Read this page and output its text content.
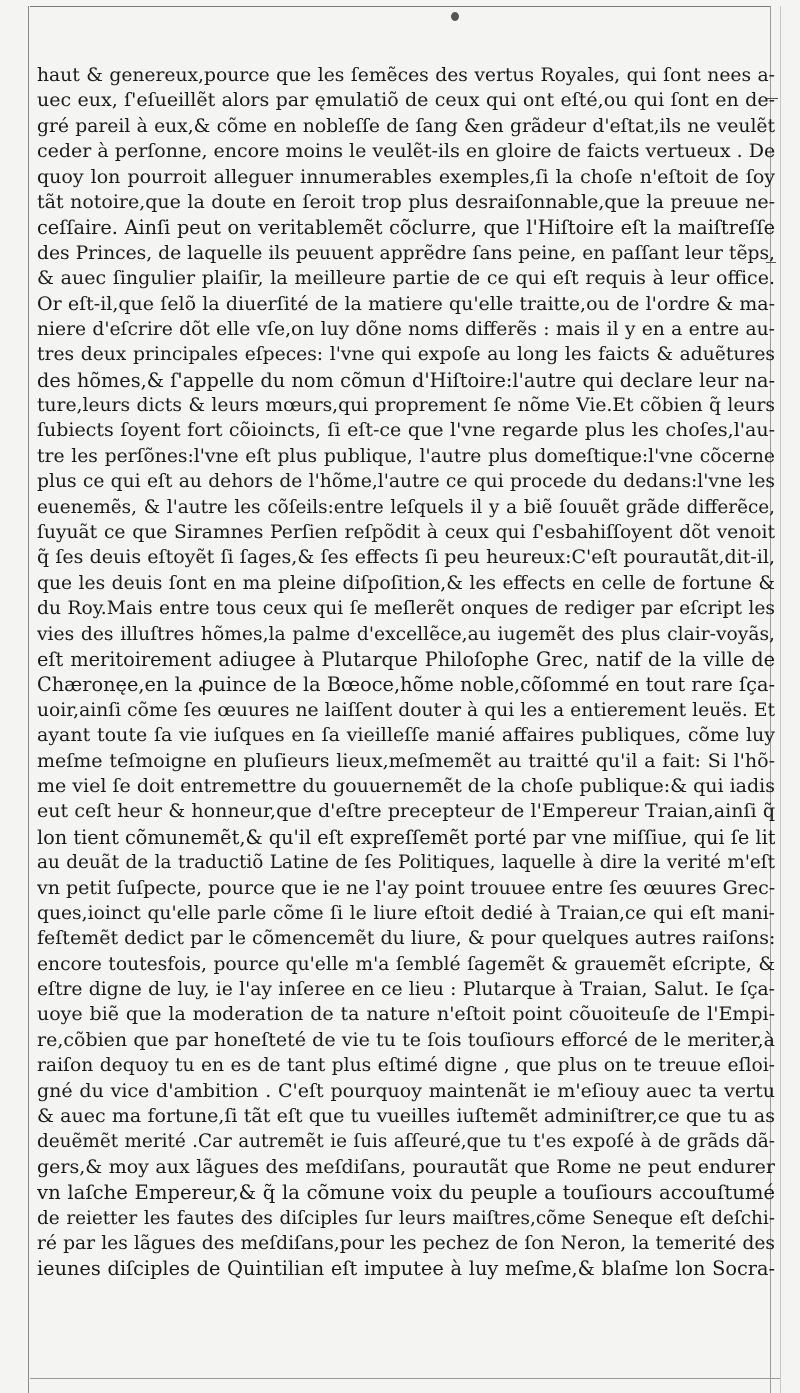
haut & genereux,pource que les ſemẽces des vertus Royales, qui ſont nees a-
uec eux, ſ'eſueillẽt alors par ęmulatiõ de ceux qui ont eſté,ou qui ſont en de-
gré pareil à eux,& cõme en nobleſſe de ſang &en grãdeur d'eſtat,ils ne veulẽt
ceder à perſonne, encore moins le veulẽt-ils en gloire de faicts vertueux . De
quoy lon pourroit alleguer innumerables exemples,ſi la choſe n'eſtoit de ſoy
tãt notoire,que la doute en ſeroit trop plus desraiſonnable,que la preuue ne-
ceſſaire. Ainſi peut on veritablemẽt cõclurre, que l'Hiſtoire eſt la maiſtreſſe
des Princes, de laquelle ils peuuent apprẽdre ſans peine, en paſſant leur tẽps,
& auec ſingulier plaiſir, la meilleure partie de ce qui eſt requis à leur office.
Or eſt-il,que ſelõ la diuerſité de la matiere qu'elle traitte,ou de l'ordre & ma-
niere d'eſcrire dõt elle vſe,on luy dõne noms differẽs : mais il y en a entre au-
tres deux principales eſpeces: l'vne qui expoſe au long les faicts & aduẽtures
des hõmes,& ſ'appelle du nom cõmun d'Hiſtoire:l'autre qui declare leur na-
ture,leurs dicts & leurs mœurs,qui proprement ſe nõme Vie.Et cõbien q̃ leurs
ſubiects ſoyent fort cõioincts, ſi eſt-ce que l'vne regarde plus les choſes,l'au-
tre les perſõnes:l'vne eſt plus publique, l'autre plus domeſtique:l'vne cõcerne
plus ce qui eſt au dehors de l'hõme,l'autre ce qui procede du dedans:l'vne les
euenemẽs, & l'autre les cõſeils:entre leſquels il y a biẽ ſouuẽt grãde differẽce,
ſuyuãt ce que Siramnes Perſien reſpõdit à ceux qui ſ'esbahiſſoyent dõt venoit
q̃ ſes deuis eſtoyẽt ſi ſages,& ſes effects ſi peu heureux:C'eſt pourautãt,dit-il,
que les deuis ſont en ma pleine diſpoſition,& les effects en celle de fortune &
du Roy.Mais entre tous ceux qui ſe meſlerẽt onques de rediger par eſcript les
vies des illuſtres hõmes,la palme d'excellẽce,au iugemẽt des plus clair-voyãs,
eſt meritoirement adiugee à Plutarque Philoſophe Grec, natif de la ville de
Chæronęe,en la ꝓuince de la Bœoce,hõme noble,cõſommé en tout rare ſça-
uoir,ainſi cõme ſes œuures ne laiſſent douter à qui les a entierement leuës. Et
ayant toute ſa vie iuſques en ſa vieilleſſe manié affaires publiques, cõme luy
meſme teſmoigne en pluſieurs lieux,meſmemẽt au traitté qu'il a fait: Si l'hõ-
me viel ſe doit entremettre du gouuernemẽt de la choſe publique:& qui iadis
eut ceſt heur & honneur,que d'eſtre precepteur de l'Empereur Traian,ainſi q̃
lon tient cõmunemẽt,& qu'il eſt expreſſemẽt porté par vne miſſiue, qui ſe lit
au deuãt de la traductiõ Latine de ſes Politiques, laquelle à dire la verité m'eſt
vn petit ſuſpecte, pource que ie ne l'ay point trouuee entre ſes œuures Grec-
ques,ioinct qu'elle parle cõme ſi le liure eſtoit dedié à Traian,ce qui eſt mani-
feſtemẽt dedict par le cõmencemẽt du liure, & pour quelques autres raiſons:
encore toutesfois, pource qu'elle m'a ſemblé ſagemẽt & grauemẽt eſcripte, &
eſtre digne de luy, ie l'ay inſeree en ce lieu : Plutarque à Traian, Salut. Ie ſça-
uoye biẽ que la moderation de ta nature n'eſtoit point cõuoiteuſe de l'Empi-
re,cõbien que par honeſteté de vie tu te ſois touſiours efforcé de le meriter,à
raiſon dequoy tu en es de tant plus eſtimé digne , que plus on te treuue eſloi-
gné du vice d'ambition . C'eſt pourquoy maintenãt ie m'eſiouy auec ta vertu
& auec ma fortune,ſi tãt eſt que tu vueilles iuſtemẽt adminiſtrer,ce que tu as
deuẽmẽt merité .Car autremẽt ie ſuis aſſeuré,que tu t'es expoſé à de grãds dã-
gers,& moy aux lãgues des meſdiſans, pourautãt que Rome ne peut endurer
vn laſche Empereur,& q̃ la cõmune voix du peuple a touſiours accouſtumé
de reietter les fautes des diſciples ſur leurs maiſtres,cõme Seneque eſt deſchi-
ré par les lãgues des meſdiſans,pour les pechez de ſon Neron, la temerité des
ieunes diſciples de Quintilian eſt imputee à luy meſme,& blaſme lon Socra-
